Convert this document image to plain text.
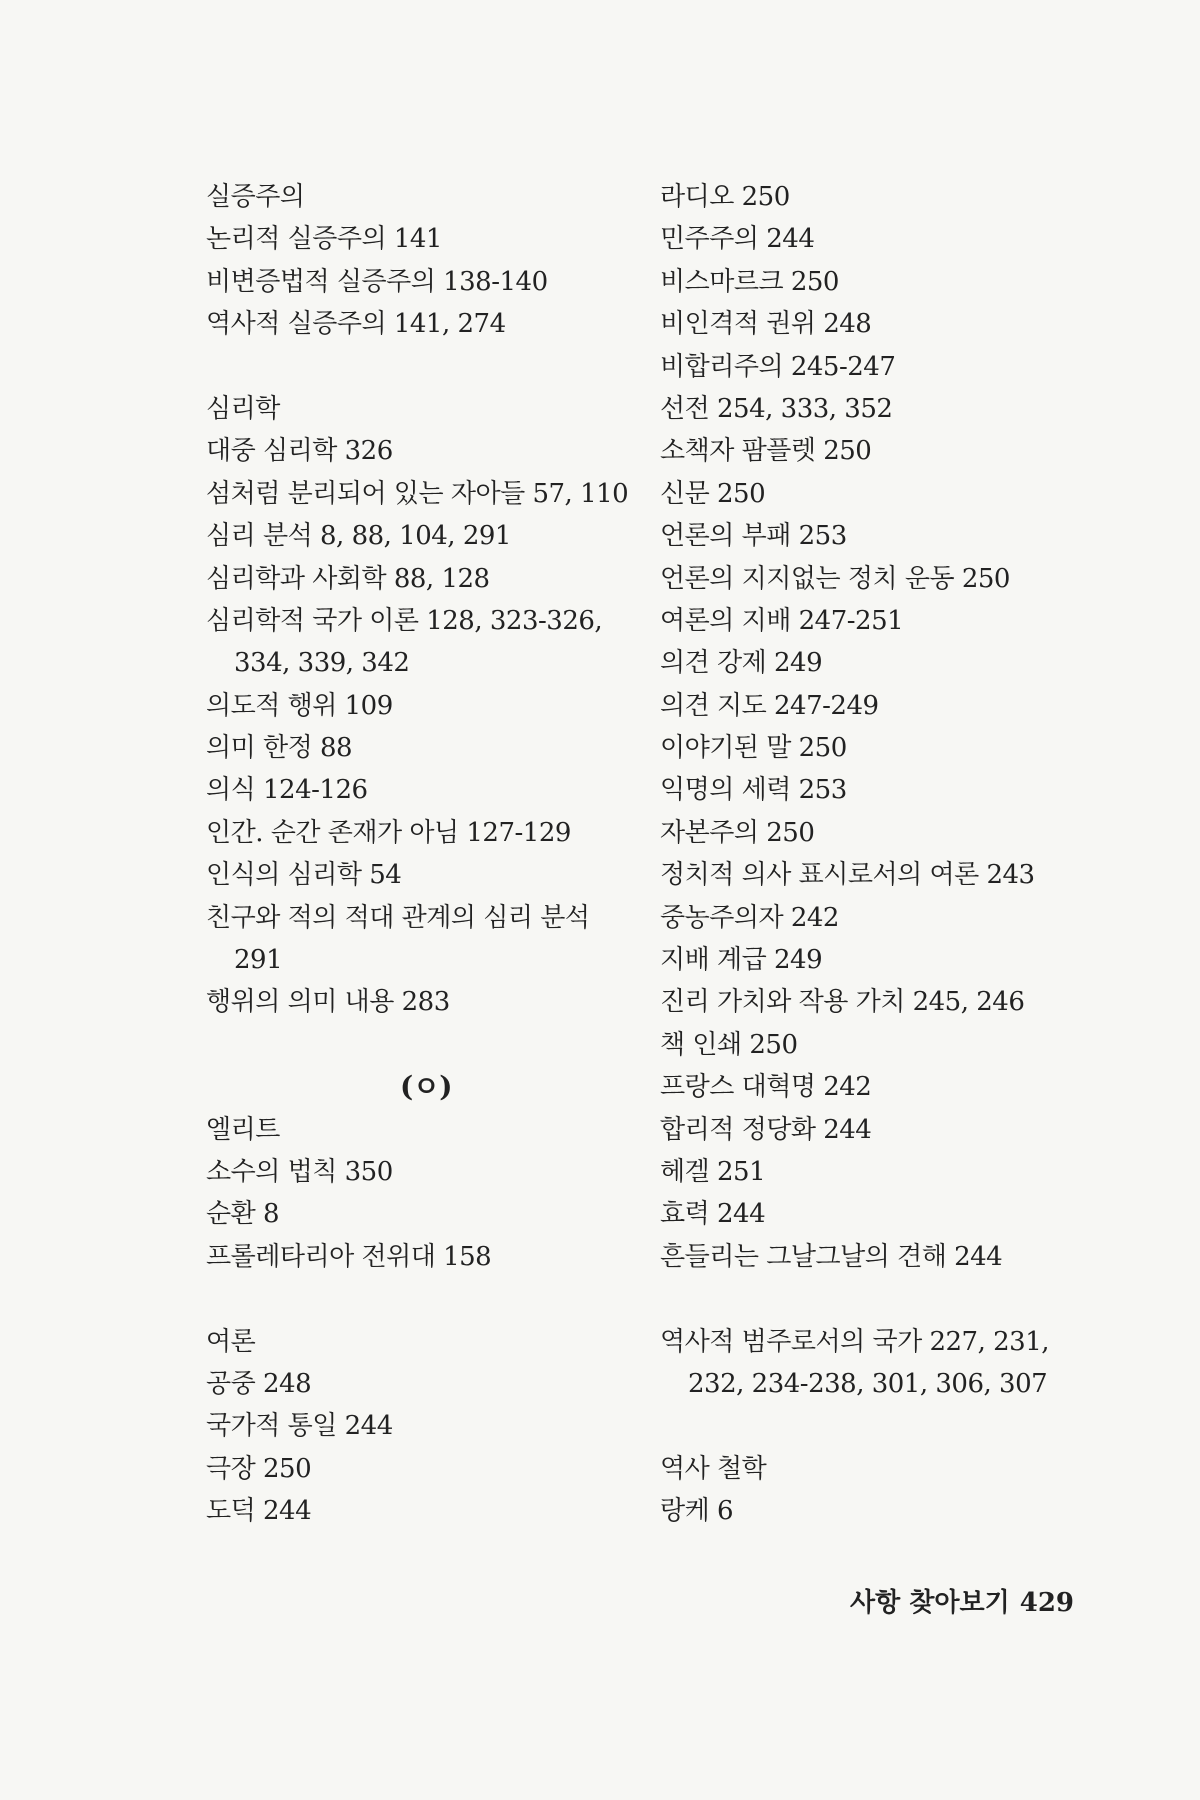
실증주의
논리적 실증주의 141
비변증법적 실증주의 138-140
역사적 실증주의 141, 274
심리학
대중 심리학 326
섬처럼 분리되어 있는 자아들 57, 110
심리 분석 8, 88, 104, 291
심리학과 사회학 88, 128
심리학적 국가 이론 128, 323-326,
334, 339, 342
의도적 행위 109
의미 한정 88
의식 124-126
인간. 순간 존재가 아님 127-129
인식의 심리학 54
친구와 적의 적대 관계의 심리 분석
291
행위의 의미 내용 283
(ㅇ)
엘리트
소수의 법칙 350
순환 8
프롤레타리아 전위대 158
여론
공중 248
국가적 통일 244
극장 250
도덕 244
라디오 250
민주주의 244
비스마르크 250
비인격적 권위 248
비합리주의 245-247
선전 254, 333, 352
소책자 팜플렛 250
신문 250
언론의 부패 253
언론의 지지없는 정치 운동 250
여론의 지배 247-251
의견 강제 249
의견 지도 247-249
이야기된 말 250
익명의 세력 253
자본주의 250
정치적 의사 표시로서의 여론 243
중농주의자 242
지배 계급 249
진리 가치와 작용 가치 245, 246
책 인쇄 250
프랑스 대혁명 242
합리적 정당화 244
헤겔 251
효력 244
흔들리는 그날그날의 견해 244
역사적 범주로서의 국가 227, 231,
232, 234-238, 301, 306, 307
역사 철학
랑케 6
사항 찾아보기 429
